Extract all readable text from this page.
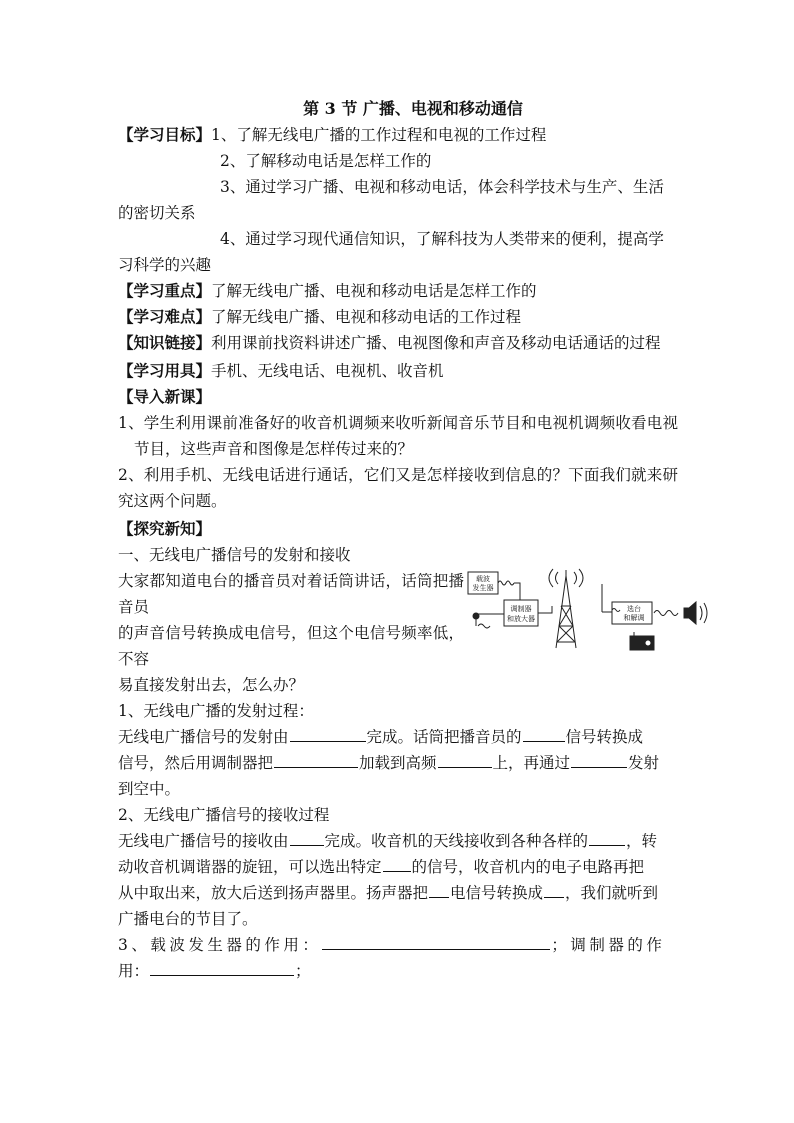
第 3 节 广播、电视和移动通信
【学习目标】1、了解无线电广播的工作过程和电视的工作过程
2、了解移动电话是怎样工作的
3、通过学习广播、电视和移动电话，体会科学技术与生产、生活
的密切关系
4、通过学习现代通信知识，了解科技为人类带来的便利，提高学
习科学的兴趣
【学习重点】了解无线电广播、电视和移动电话是怎样工作的
【学习难点】了解无线电广播、电视和移动电话的工作过程
【知识链接】利用课前找资料讲述广播、电视图像和声音及移动电话通话的过程
【学习用具】手机、无线电话、电视机、收音机
【导入新课】
1、学生利用课前准备好的收音机调频来收听新闻音乐节目和电视机调频收看电视节目，这些声音和图像是怎样传过来的？
2、利用手机、无线电话进行通话，它们又是怎样接收到信息的？下面我们就来研究这两个问题。
【探究新知】
一、无线电广播信号的发射和接收
大家都知道电台的播音员对着话筒讲话，话筒把播音员
的声音信号转换成电信号，但这个电信号频率低，不容
易直接发射出去，怎么办？
1、无线电广播的发射过程：
无线电广播信号的发射由	完成。话筒把播音员的	信号转换成
信号，然后用调制器把	加载到高频	上，再通过	发射
到空中。
2、无线电广播信号的接收过程
无线电广播信号的接收由 完成。收音机的天线接收到各种各样的 ，转
动收音机调谐器的旋钮，可以选出特定 的信号，收音机内的电子电路再把
从中取出来，放大后送到扬声器里。扬声器把 电信号转换成 ，我们就听到
广播电台的节目了。
3、载波发生器的作用：	；调制器的作
用：	；
载波
发生器
调制器
和放大器
选台
和解调
